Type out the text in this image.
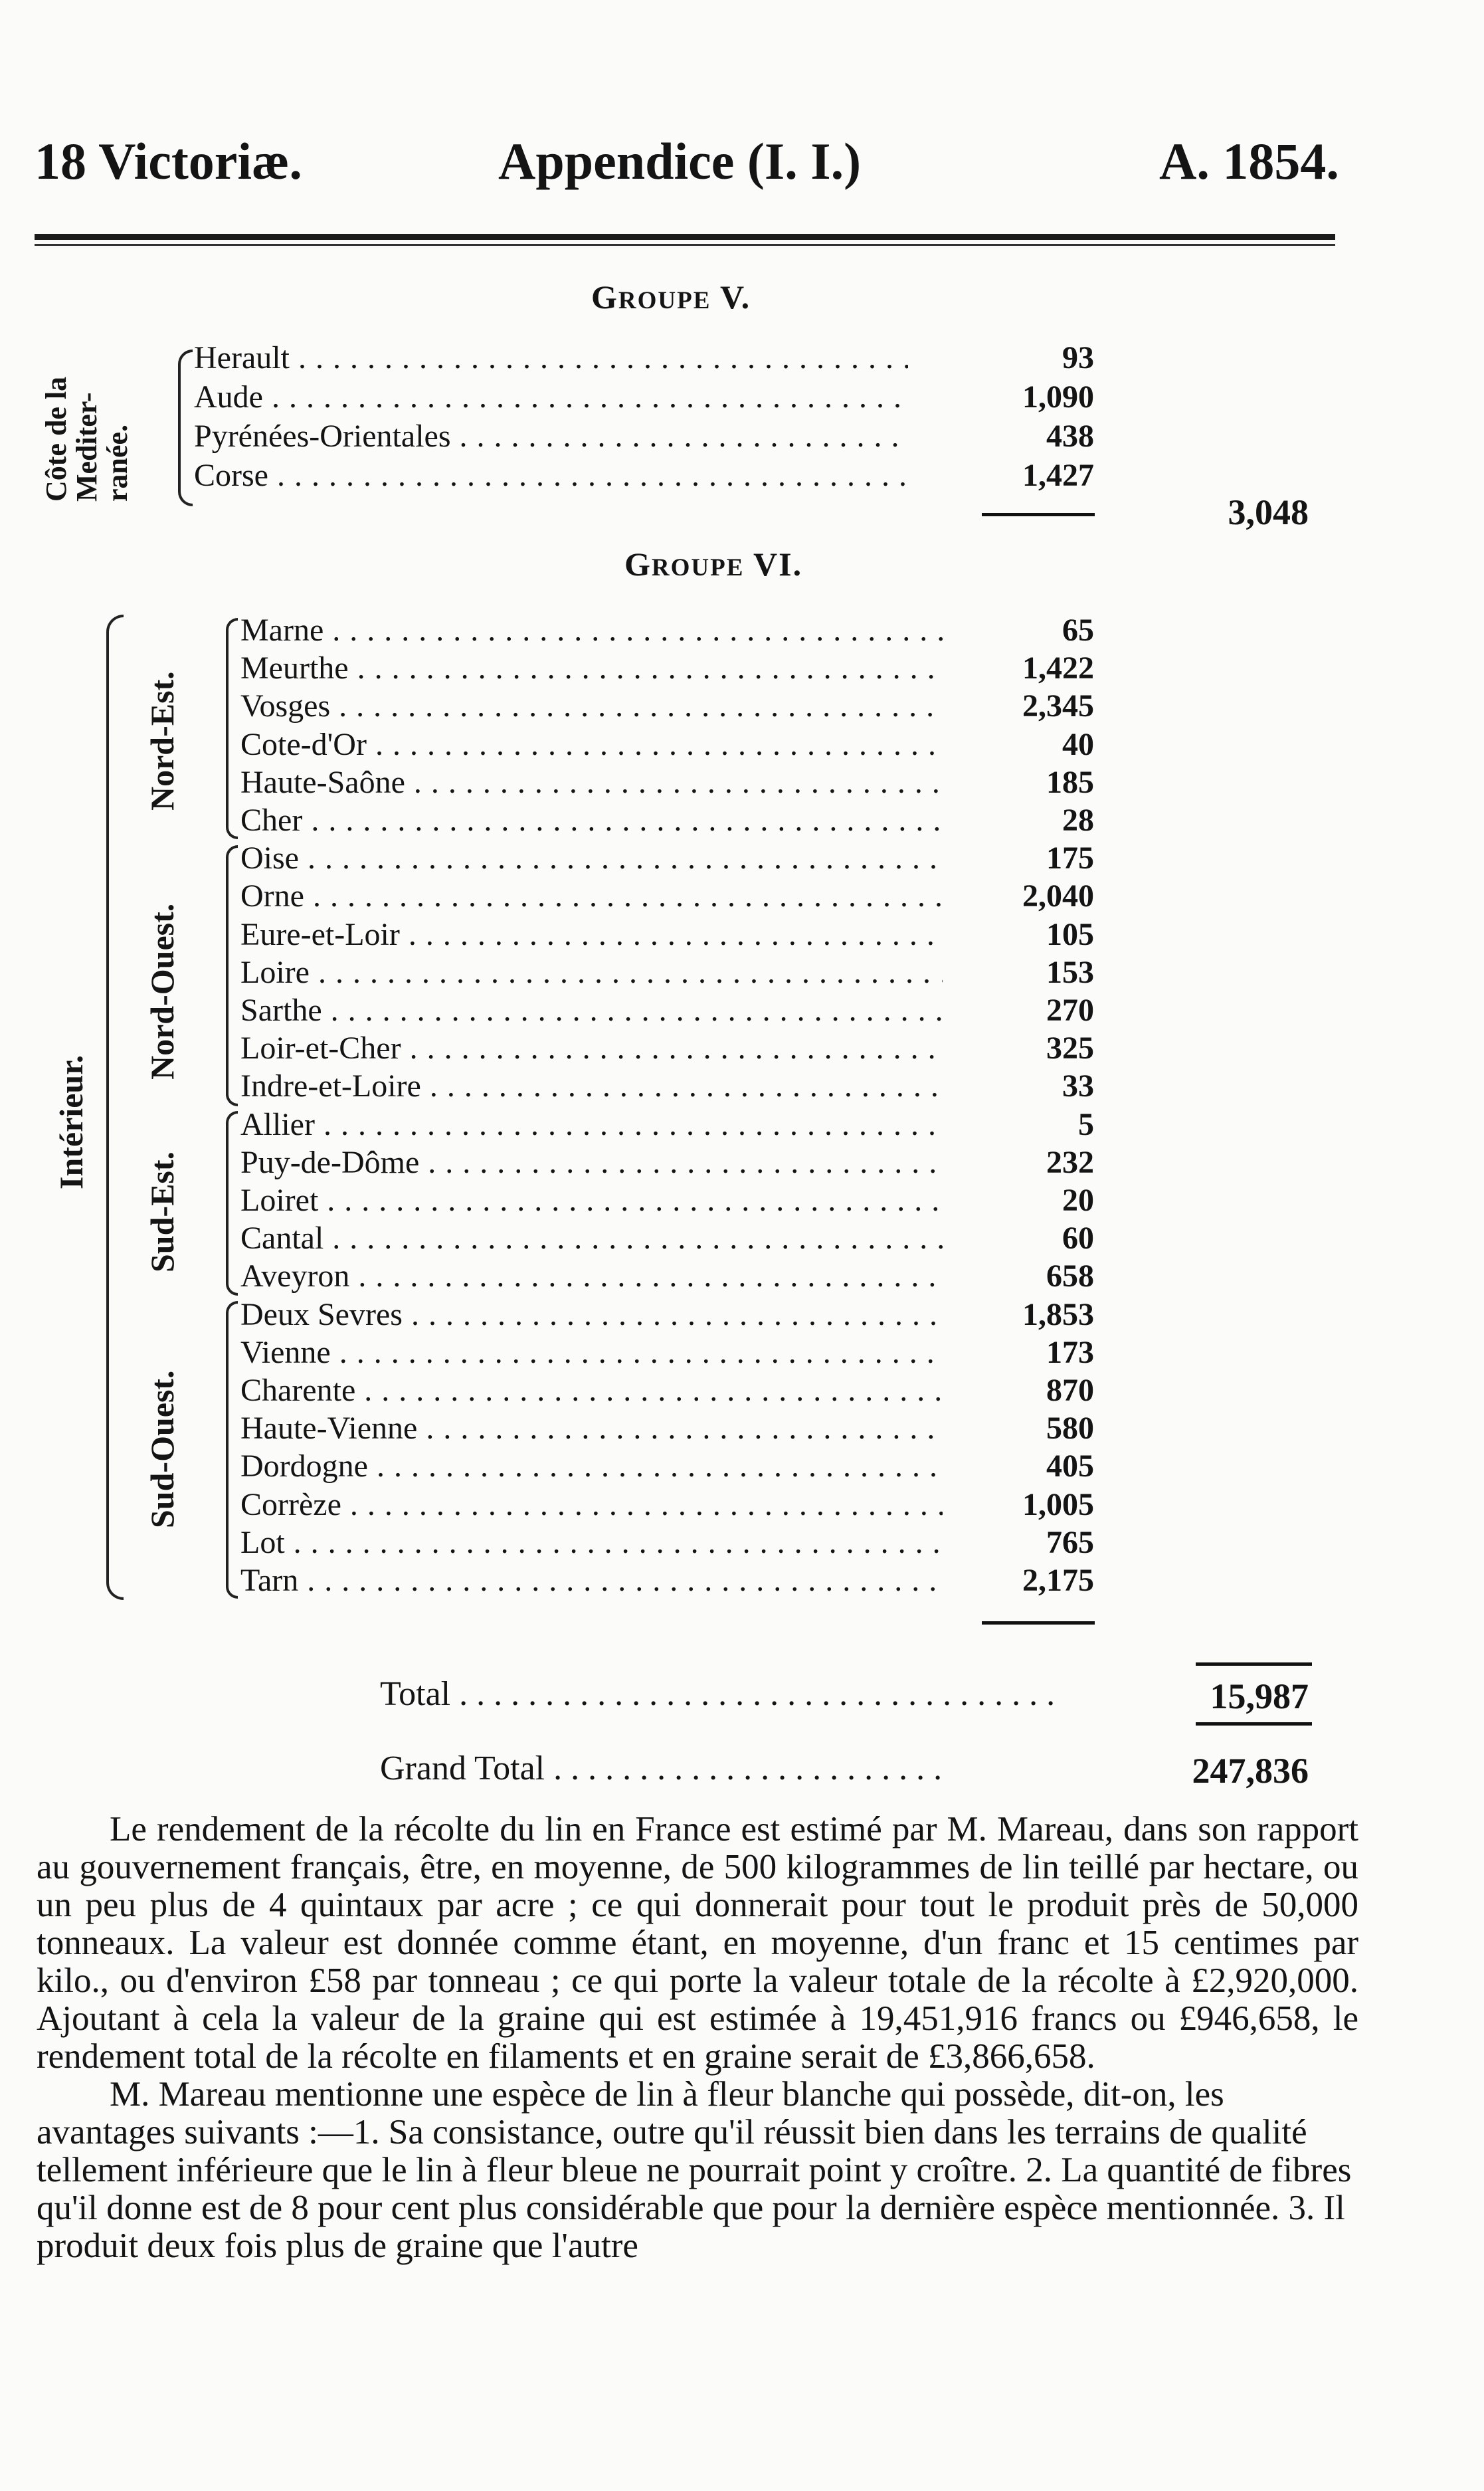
18 Victoriæ.	Appendice (I. I.)	A. 1854.
GROUPE V.
Côte de la Mediter-ranée.
Herault . . .	93
Aude . . .	1,090
Pyrénées-Orientales . . .	438
Corse . . .	1,427
3,048
GROUPE VI.
Intérieur.
Nord-Est.
Nord-Ouest.
Sud-Est.
Sud-Ouest.
Marne . . .	65
Meurthe . . .	1,422
Vosges . . .	2,345
Cote-d'Or . . .	40
Haute-Saône . . .	185
Cher . . .	28
Oise . . .	175
Orne . . .	2,040
Eure-et-Loir . . .	105
Loire . . .	153
Sarthe . . .	270
Loir-et-Cher . . .	325
Indre-et-Loire . . .	33
Allier . . .	5
Puy-de-Dôme . . .	232
Loiret . . .	20
Cantal . . .	60
Aveyron . . .	658
Deux Sevres . . .	1,853
Vienne . . .	173
Charente . . .	870
Haute-Vienne . . .	580
Dordogne . . .	405
Corrèze . . .	1,005
Lot . . .	765
Tarn . . .	2,175
Total . . . . . . . . . . . . . . . . . . . . . . . . . . . . . . . . . . .	15,987
Grand Total . . . . . . . . . . . . . . . . . . . . . . .	247,836

Le rendement de la récolte du lin en France est estimé par M. Mareau, dans son rapport au gouvernement français, être, en moyenne, de 500 kilogrammes de lin teillé par hectare, ou un peu plus de 4 quintaux par acre ; ce qui donnerait pour tout le produit près de 50,000 tonneaux. La valeur est donnée comme étant, en moyenne, d'un franc et 15 centimes par kilo., ou d'environ £58 par tonneau ; ce qui porte la valeur totale de la récolte à £2,920,000. Ajoutant à cela la valeur de la graine qui est estimée à 19,451,916 francs ou £946,658, le rendement total de la récolte en filaments et en graine serait de £3,866,658.

M. Mareau mentionne une espèce de lin à fleur blanche qui possède, dit-on, les avantages suivants :—1. Sa consistance, outre qu'il réussit bien dans les terrains de qualité tellement inférieure que le lin à fleur bleue ne pourrait point y croître. 2. La quantité de fibres qu'il donne est de 8 pour cent plus considérable que pour la dernière espèce mentionnée. 3. Il produit deux fois plus de graine que l'autre
